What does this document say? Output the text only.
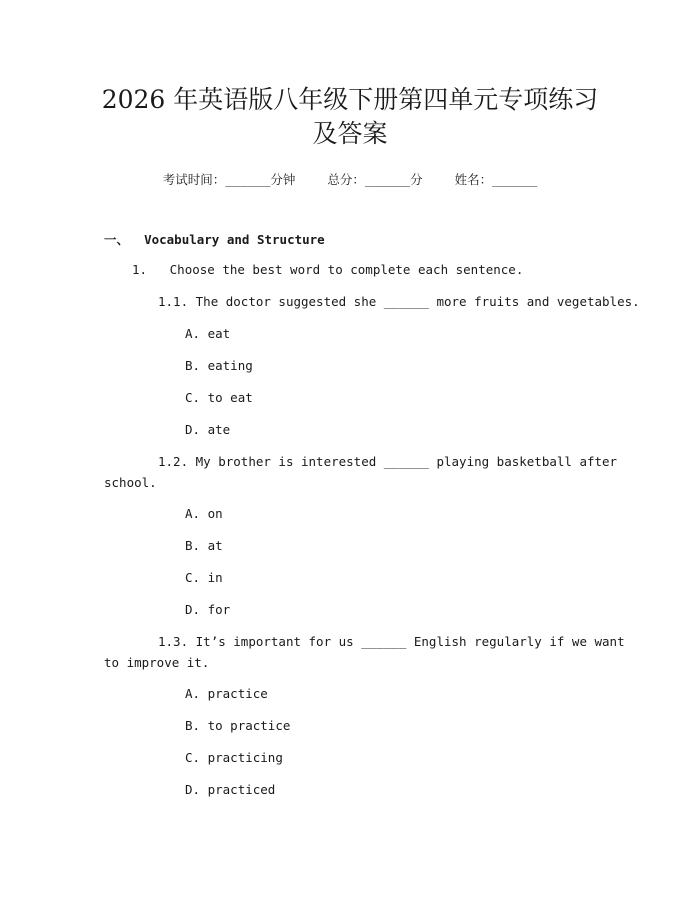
2026 年英语版八年级下册第四单元专项练习
及答案
考试时间：______分钟	总分：______分	姓名：______
一、 Vocabulary and Structure
1. Choose the best word to complete each sentence.
1.1. The doctor suggested she ______ more fruits and vegetables.
A. eat
B. eating
C. to eat
D. ate
1.2. My brother is interested ______ playing basketball after
school.
A. on
B. at
C. in
D. for
1.3. It’s important for us ______ English regularly if we want
to improve it.
A. practice
B. to practice
C. practicing
D. practiced
